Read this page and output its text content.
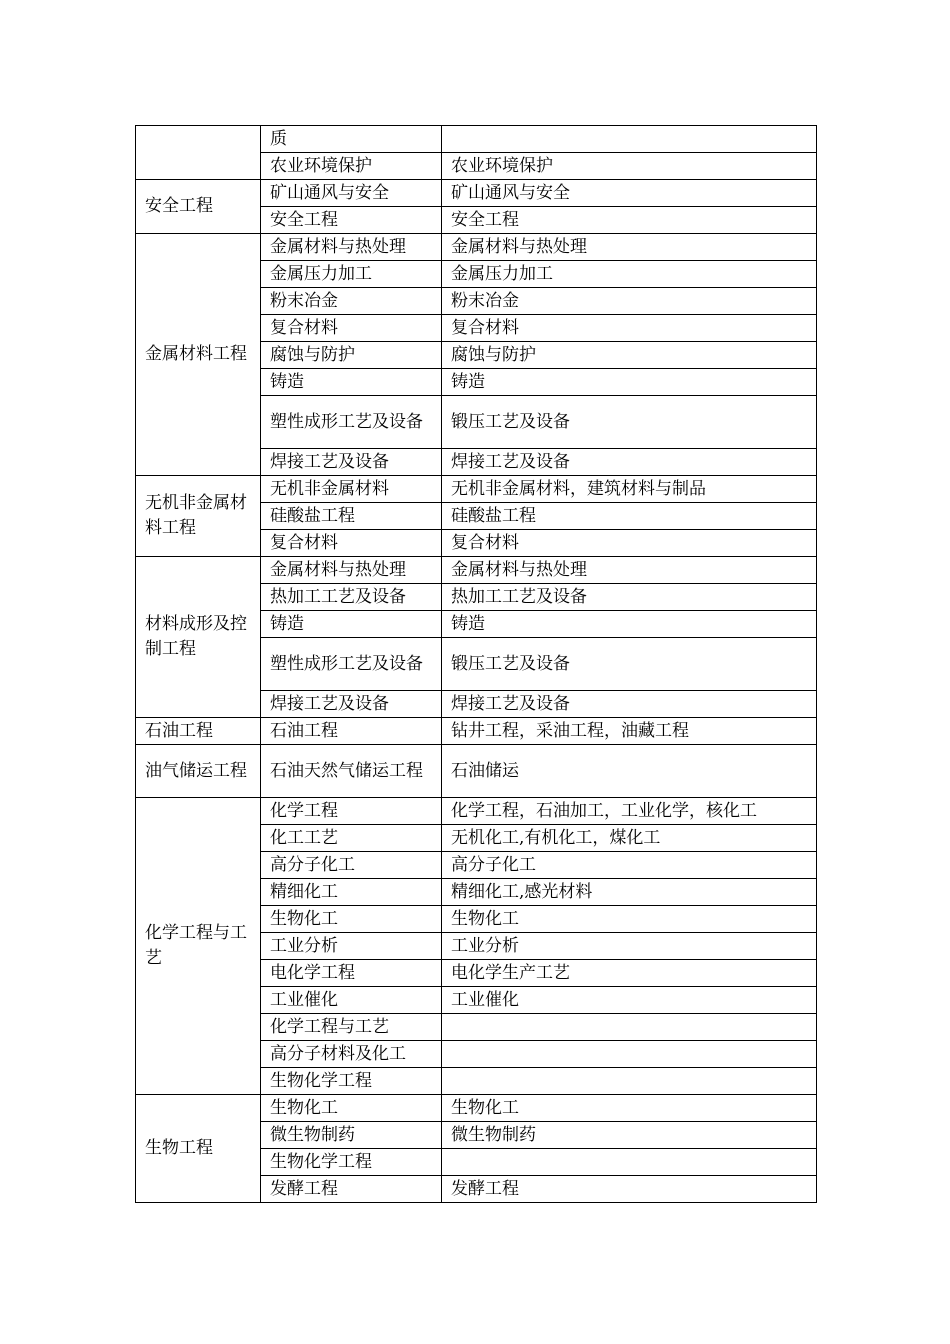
	质	
	农业环境保护	农业环境保护
安全工程	矿山通风与安全	矿山通风与安全
	安全工程	安全工程
金属材料工程	金属材料与热处理	金属材料与热处理
	金属压力加工	金属压力加工
	粉末冶金	粉末冶金
	复合材料	复合材料
	腐蚀与防护	腐蚀与防护
	铸造	铸造
	塑性成形工艺及设备	锻压工艺及设备
	焊接工艺及设备	焊接工艺及设备
无机非金属材料工程	无机非金属材料	无机非金属材料，建筑材料与制品
	硅酸盐工程	硅酸盐工程
	复合材料	复合材料
材料成形及控制工程	金属材料与热处理	金属材料与热处理
	热加工工艺及设备	热加工工艺及设备
	铸造	铸造
	塑性成形工艺及设备	锻压工艺及设备
	焊接工艺及设备	焊接工艺及设备
石油工程	石油工程	钻井工程，采油工程，油藏工程
油气储运工程	石油天然气储运工程	石油储运
化学工程与工艺	化学工程	化学工程，石油加工，工业化学，核化工
	化工工艺	无机化工,有机化工，煤化工
	高分子化工	高分子化工
	精细化工	精细化工,感光材料
	生物化工	生物化工
	工业分析	工业分析
	电化学工程	电化学生产工艺
	工业催化	工业催化
	化学工程与工艺	
	高分子材料及化工	
	生物化学工程	
生物工程	生物化工	生物化工
	微生物制药	微生物制药
	生物化学工程	
	发酵工程	发酵工程
